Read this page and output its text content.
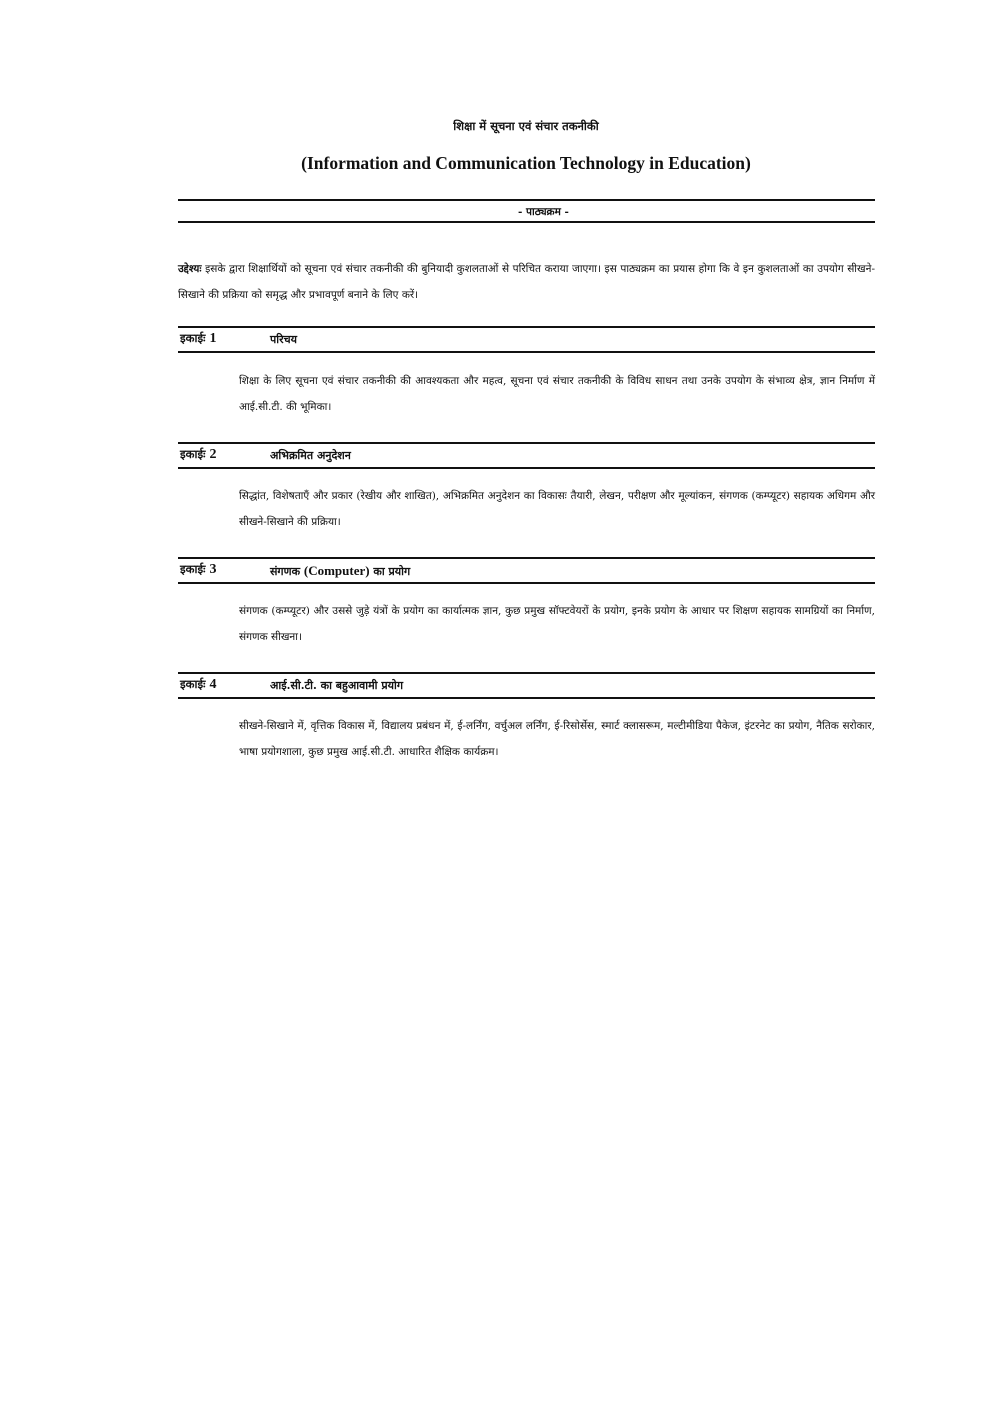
शिक्षा में सूचना एवं संचार तकनीकी
(Information and Communication Technology in Education)
- पाठ्यक्रम -
उद्देश्यः इसके द्वारा शिक्षार्थियों को सूचना एवं संचार तकनीकी की बुनियादी कुशलताओं से परिचित कराया जाएगा। इस पाठ्यक्रम का प्रयास होगा कि वे इन कुशलताओं का उपयोग सीखने-सिखाने की प्रक्रिया को समृद्ध और प्रभावपूर्ण बनाने के लिए करें।
इकाईः 1	परिचय
शिक्षा के लिए सूचना एवं संचार तकनीकी की आवश्यकता और महत्व, सूचना एवं संचार तकनीकी के विविध साधन तथा उनके उपयोग के संभाव्य क्षेत्र, ज्ञान निर्माण में आई.सी.टी. की भूमिका।
इकाईः 2	अभिक्रमित अनुदेशन
सिद्धांत, विशेषताएँ और प्रकार (रेखीय और शाखित), अभिक्रमित अनुदेशन का विकासः तैयारी, लेखन, परीक्षण और मूल्यांकन, संगणक (कम्प्यूटर) सहायक अधिगम और सीखने-सिखाने की प्रक्रिया।
इकाईः 3	संगणक (Computer) का प्रयोग
संगणक (कम्प्यूटर) और उससे जुड़े यंत्रों के प्रयोग का कार्यात्मक ज्ञान, कुछ प्रमुख सॉफ्टवेयरों के प्रयोग, इनके प्रयोग के आधार पर शिक्षण सहायक सामग्रियों का निर्माण, संगणक सीखना।
इकाईः 4	आई.सी.टी. का बहुआवामी प्रयोग
सीखने-सिखाने में, वृत्तिक विकास में, विद्यालय प्रबंधन में, ई-लर्निंग, वर्चुअल लर्निंग, ई-रिसोर्सेस, स्मार्ट क्लासरूम, मल्टीमीडिया पैकेज, इंटरनेट का प्रयोग, नैतिक सरोकार, भाषा प्रयोगशाला, कुछ प्रमुख आई.सी.टी. आधारित शैक्षिक कार्यक्रम।
